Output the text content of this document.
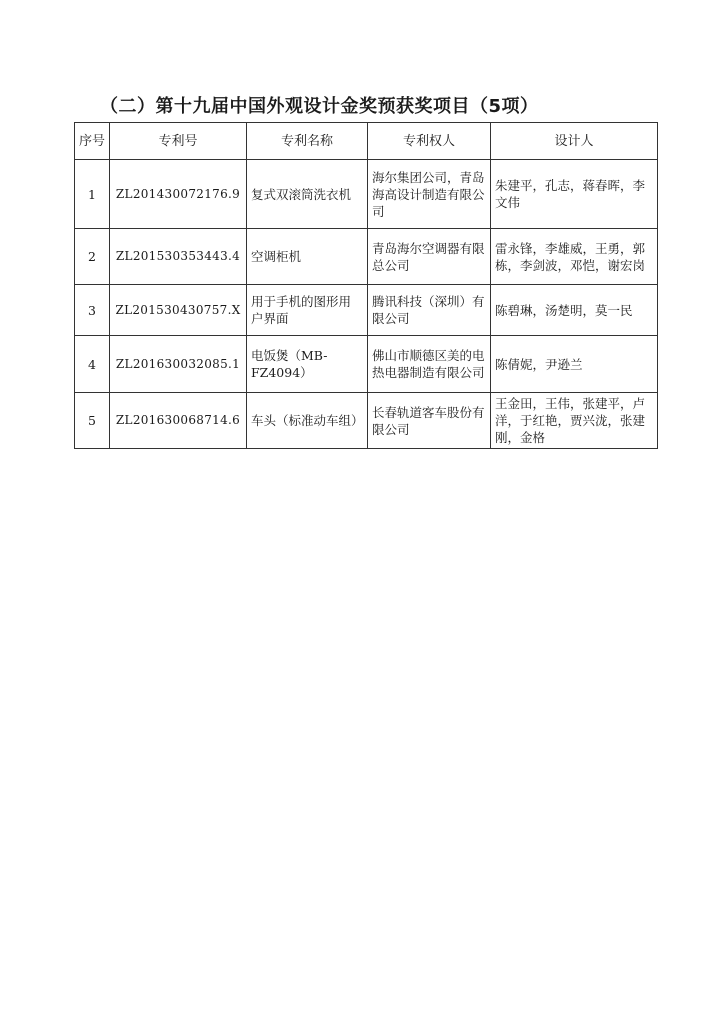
（二）第十九届中国外观设计金奖预获奖项目（5项）
序号	专利号	专利名称	专利权人	设计人
1	ZL201430072176.9	复式双滚筒洗衣机	海尔集团公司，青岛海高设计制造有限公司	朱建平，孔志，蒋春晖，李文伟
2	ZL201530353443.4	空调柜机	青岛海尔空调器有限总公司	雷永锋，李雄威，王勇，郭栋，李剑波，邓恺，谢宏岗
3	ZL201530430757.X	用于手机的图形用户界面	腾讯科技（深圳）有限公司	陈碧琳，汤楚明，莫一民
4	ZL201630032085.1	电饭煲（MB-FZ4094）	佛山市顺德区美的电热电器制造有限公司	陈倩妮，尹逊兰
5	ZL201630068714.6	车头（标准动车组）	长春轨道客车股份有限公司	王金田，王伟，张建平，卢洋，于红艳，贾兴泷，张建刚，金格
